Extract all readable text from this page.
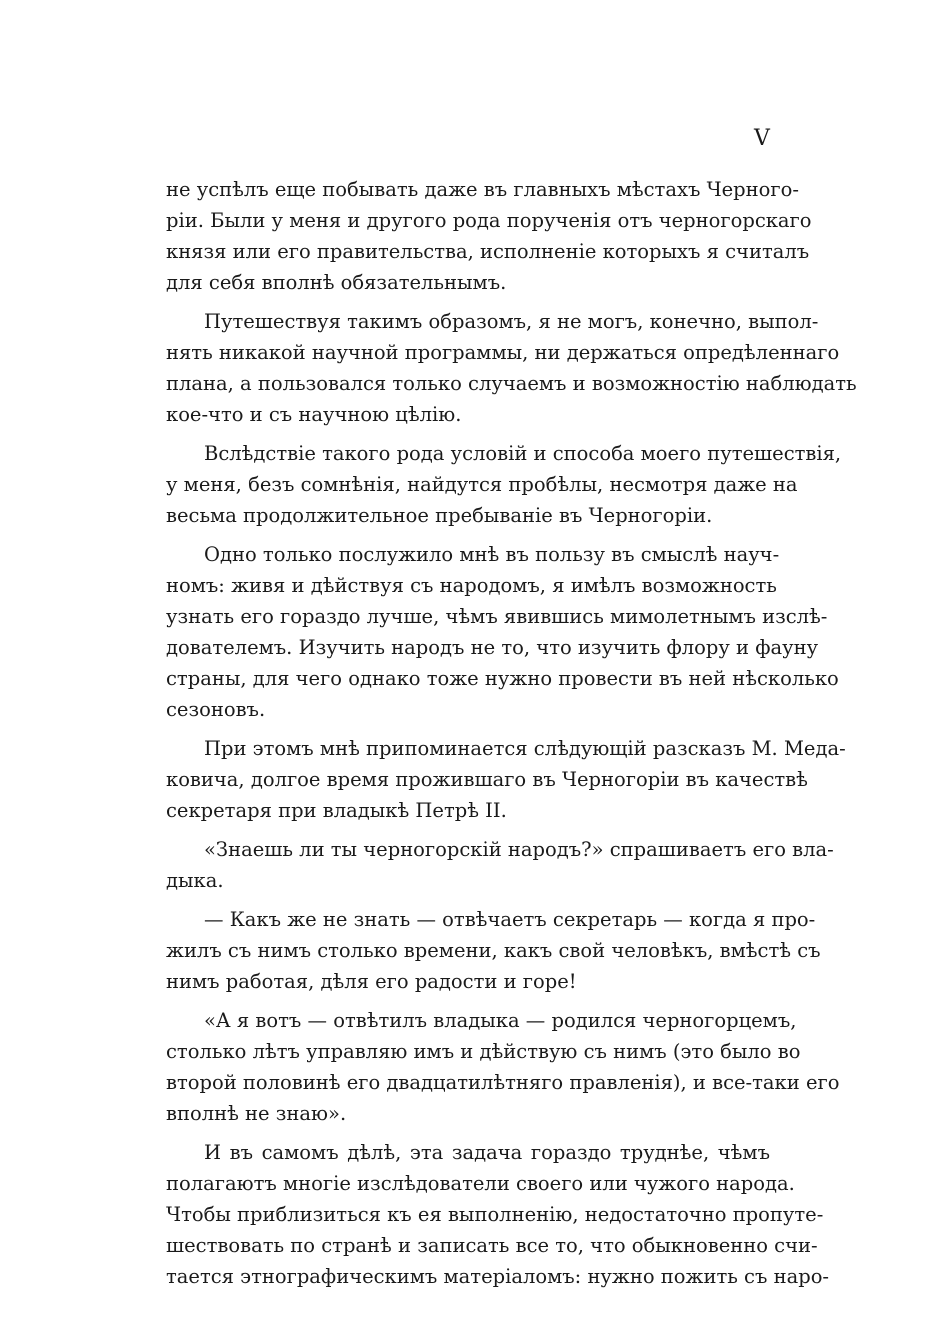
V
не успѣлъ еще побывать даже въ главныхъ мѣстахъ Черного-
ріи. Были у меня и другого рода порученія отъ черногорскаго
князя или его правительства, исполненіе которыхъ я считалъ
для себя вполнѣ обязательнымъ.
Путешествуя такимъ образомъ, я не могъ, конечно, выпол-
нять никакой научной программы, ни держаться опредѣленнаго
плана, а пользовался только случаемъ и возможностію наблюдать
кое-что и съ научною цѣлію.
Вслѣдствіе такого рода условій и способа моего путешествія,
у меня, безъ сомнѣнія, найдутся пробѣлы, несмотря даже на
весьма продолжительное пребываніе въ Черногоріи.
Одно только послужило мнѣ въ пользу въ смыслѣ науч-
номъ: живя и дѣйствуя съ народомъ, я имѣлъ возможность
узнать его гораздо лучше, чѣмъ явившись мимолетнымъ изслѣ-
дователемъ. Изучить народъ не то, что изучить флору и фауну
страны, для чего однако тоже нужно провести въ ней нѣсколько
сезоновъ.
При этомъ мнѣ припоминается слѣдующій разсказъ М. Меда-
ковича, долгое время прожившаго въ Черногоріи въ качествѣ
секретаря при владыкѣ Петрѣ II.
«Знаешь ли ты черногорскій народъ?» спрашиваетъ его вла-
дыка.
— Какъ же не знать — отвѣчаетъ секретарь — когда я про-
жилъ съ нимъ столько времени, какъ свой человѣкъ, вмѣстѣ съ
нимъ работая, дѣля его радости и горе!
«А я вотъ — отвѣтилъ владыка — родился черногорцемъ,
столько лѣтъ управляю имъ и дѣйствую съ нимъ (это было во
второй половинѣ его двадцатилѣтняго правленія), и все-таки его
вполнѣ не знаю».
И въ самомъ дѣлѣ, эта задача гораздо труднѣе, чѣмъ
полагаютъ многіе изслѣдователи своего или чужого народа.
Чтобы приблизиться къ ея выполненію, недостаточно пропуте-
шествовать по странѣ и записать все то, что обыкновенно счи-
тается этнографическимъ матеріаломъ: нужно пожить съ наро-
